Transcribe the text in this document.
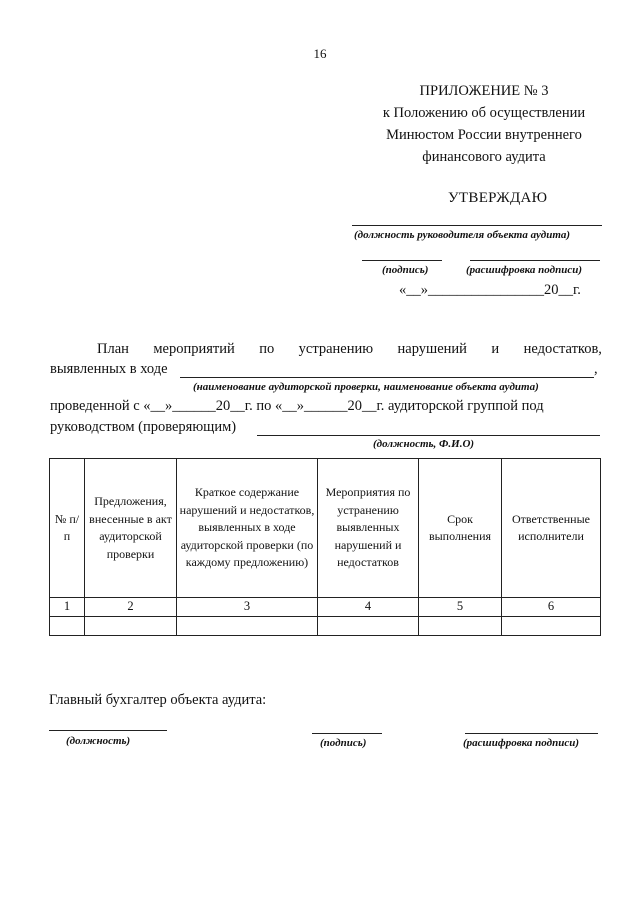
16
ПРИЛОЖЕНИЕ № 3
к Положению об осуществлении
Минюстом России внутреннего
финансового аудита
УТВЕРЖДАЮ
(должность руководителя объекта аудита)
(подпись)	(расшифровка подписи)
«__»________________20__г.
План мероприятий по устранению нарушений и недостатков,
выявленных в ходе	,
(наименование аудиторской проверки, наименование объекта аудита)
проведенной с «__»______20__г. по «__»______20__г. аудиторской группой под
руководством (проверяющим)
(должность, Ф.И.О)
№ п/п	Предложения, внесенные в акт аудиторской проверки	Краткое содержание нарушений и недостатков, выявленных в ходе аудиторской проверки (по каждому предложению)	Мероприятия по устранению выявленных нарушений и недостатков	Срок выполнения	Ответственные исполнители
1	2	3	4	5	6

Главный бухгалтер объекта аудита:
(должность)	(подпись)	(расшифровка подписи)
